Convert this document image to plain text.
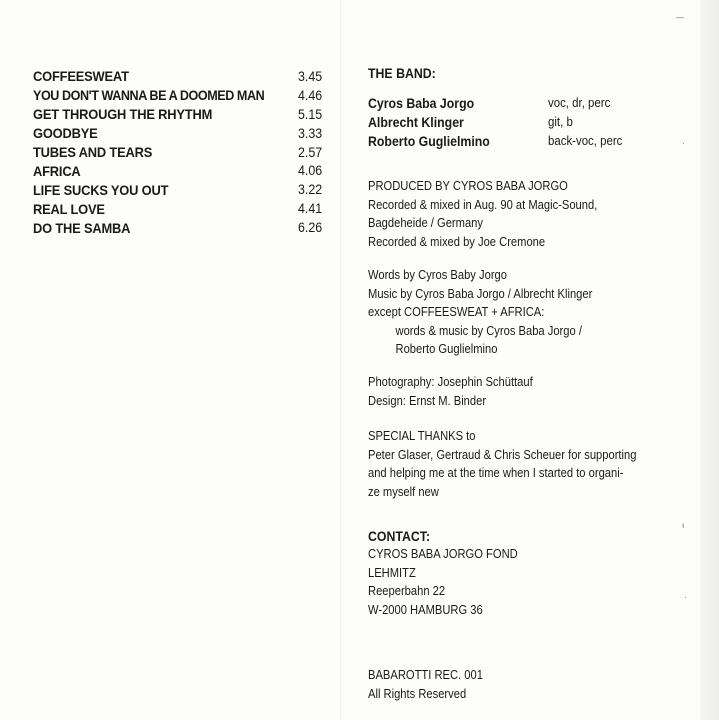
—
·
ı
·
COFFEESWEAT	3.45
YOU DON'T WANNA BE A DOOMED MAN	4.46
GET THROUGH THE RHYTHM	5.15
GOODBYE	3.33
TUBES AND TEARS	2.57
AFRICA	4.06
LIFE SUCKS YOU OUT	3.22
REAL LOVE	4.41
DO THE SAMBA	6.26
THE BAND:
Cyros Baba Jorgo	voc, dr, perc
Albrecht Klinger	git, b
Roberto Guglielmino	back-voc, perc
PRODUCED BY CYROS BABA JORGO
Recorded & mixed in Aug. 90 at Magic-Sound,
Bagdeheide / Germany
Recorded & mixed by Joe Cremone
Words by Cyros Baby Jorgo
Music by Cyros Baba Jorgo / Albrecht Klinger
except COFFEESWEAT + AFRICA:
words & music by Cyros Baba Jorgo /
Roberto Guglielmino
Photography: Josephin Schüttauf
Design: Ernst M. Binder
SPECIAL THANKS to
Peter Glaser, Gertraud & Chris Scheuer for supporting
and helping me at the time when I started to organi-
ze myself new
CONTACT:
CYROS BABA JORGO FOND
LEHMITZ
Reeperbahn 22
W-2000 HAMBURG 36
BABAROTTI REC. 001
All Rights Reserved
